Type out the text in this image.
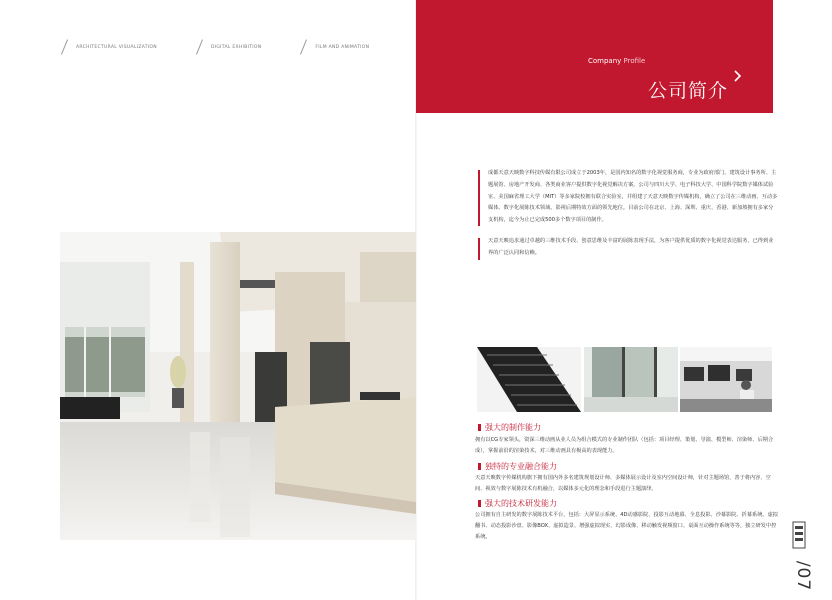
ARCHITECTURAL VISUALIZATION	DIGITAL EXHIBITION	FILM AND ANIMATION
Company Profile
公司简介
成都天意天映数字科技传媒有限公司成立于2003年，是国内知名的数字化视觉服务商，专业为政府部门、建筑设计事务所、主题展馆、房地产开发商、各类商业客户提供数字化视觉解决方案。公司与四川大学、电子科技大学、中国科学院数字媒体试验室、美国麻省理工大学（MIT）等多家院校拥有联合实验室，并组建了天意天映数字传媒机构，确立了公司在三维动画、互动多媒体、数字化展陈技术领域、影视后期特效方面的领先地位。目前公司在北京、上海、深圳、重庆、香港、新加坡拥有多家分支机构，迄今为止已完成500多个数字项目的制作。
天意天映追求通过卓越的三维技术手段、创意思维及丰富的展陈表现手法，为客户提供优质的数字化视觉表达服务，已得到业界的广泛认同和信赖。
强大的制作能力
拥有以CG专家领头，资深三维动画从业人员为组合模式的专业制作团队（包括：项目经理、策划、导演、模型师、渲染师、后期合成），掌握前沿的渲染技术，对三维动画具有极高的表现能力。
独特的专业融合能力
天意天映数字传媒机构旗下拥有国内外多名建筑规划设计师、多媒体展示设计及室内空间设计师，针对主题场馆，善于将内容、空间、视效与数字展陈技术有机融合，以媒体多元化的理念和手段进行主题演绎。
强大的技术研发能力
公司拥有自主研发的数字展陈技术平台，包括：大屏显示系统、4D动感影院、投影互动地幕、全息投影、沙幕影院、折幕系统、虚拟翻书、动态投影沙盘、影像BOX、虚拟造景、增强虚拟现实、幻影成像、移动触发视频窗口、桌面互动操作系统等等，独立研发中控系统。
/07
